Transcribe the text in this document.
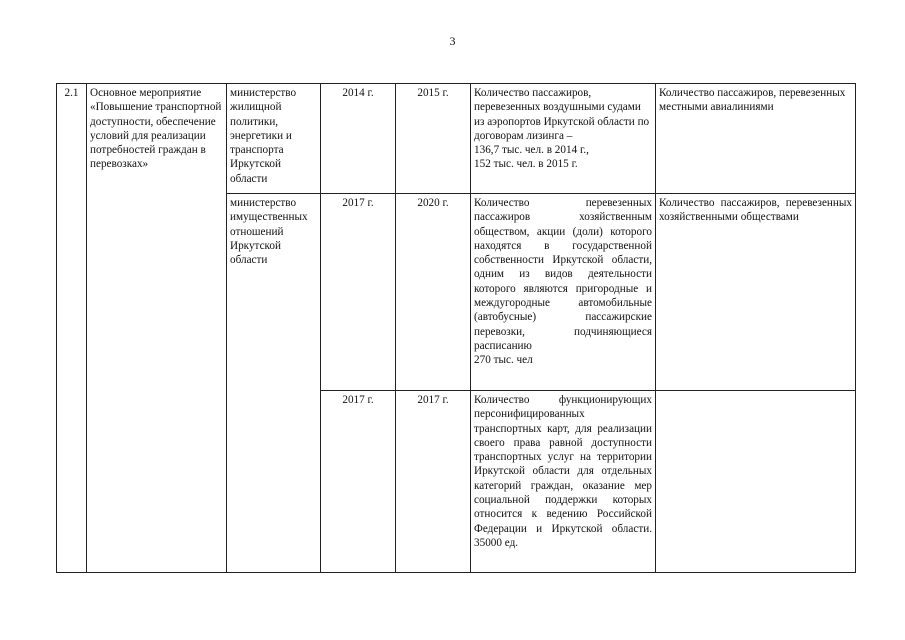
3
2.1	Основное мероприятие «Повышение транспортной доступности, обеспечение условий для реализации потребностей граждан в перевозках»	министерство жилищной политики, энергетики и транспорта Иркутской области	2014 г.	2015 г.	Количество пассажиров, перевезенных воздушными судами из аэропортов Иркутской области по договорам лизинга –
136,7 тыс. чел. в 2014 г.,
152 тыс. чел. в 2015 г.	Количество пассажиров, перевезенных местными авиалиниями
		министерство имущественных отношений Иркутской области	2017 г.	2020 г.	Количество перевезенных пассажиров хозяйственным обществом, акции (доли) которого находятся в государственной собственности Иркутской области, одним из видов деятельности которого являются пригородные и междугородные автомобильные (автобусные) пассажирские перевозки, подчиняющиеся расписанию
270 тыс. чел	Количество пассажиров, перевезенных хозяйственными обществами
			2017 г.	2017 г.	Количество функционирующих персонифицированных транспортных карт, для реализации своего права равной доступности транспортных услуг на территории Иркутской области для отдельных категорий граждан, оказание мер социальной поддержки которых относится к ведению Российской Федерации и Иркутской области. 35000 ед.	
